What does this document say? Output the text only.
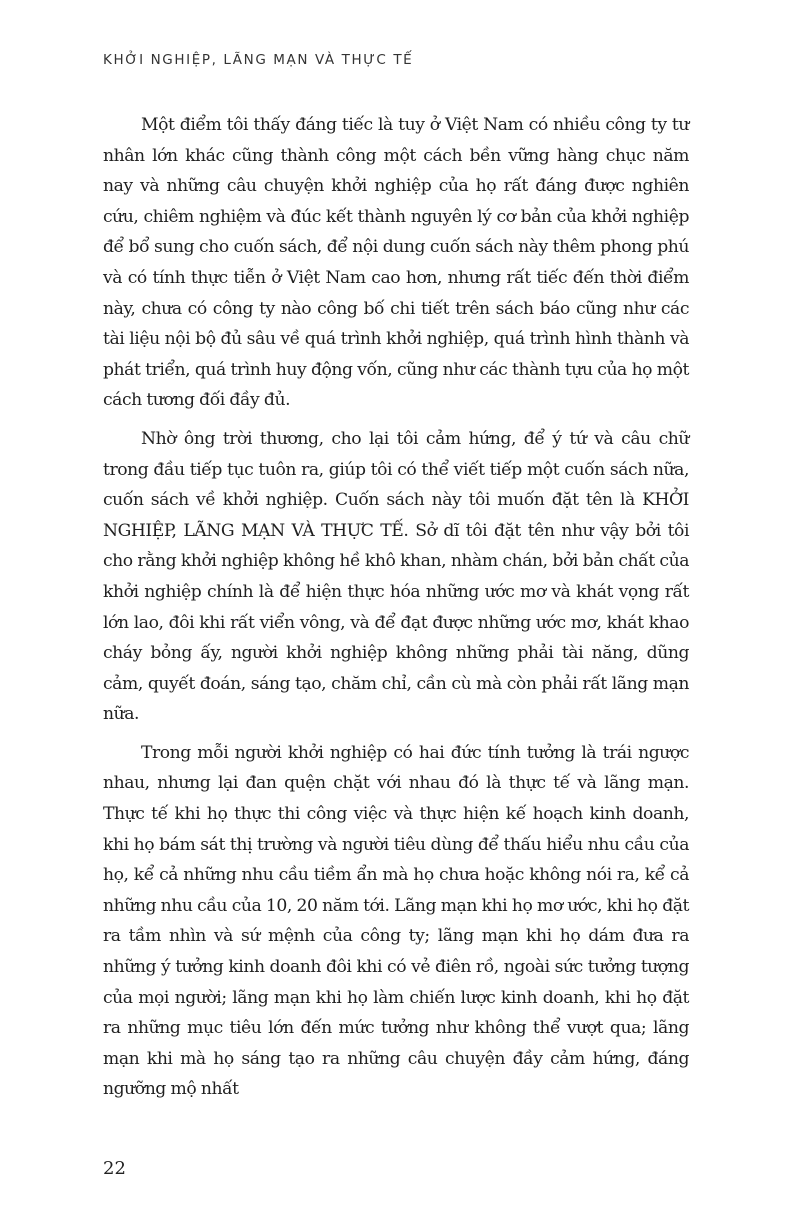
KHỞI NGHIỆP, LÃNG MẠN VÀ THỰC TẾ

Một điểm tôi thấy đáng tiếc là tuy ở Việt Nam có nhiều công ty tư nhân lớn khác cũng thành công một cách bền vững hàng chục năm nay và những câu chuyện khởi nghiệp của họ rất đáng được nghiên cứu, chiêm nghiệm và đúc kết thành nguyên lý cơ bản của khởi nghiệp để bổ sung cho cuốn sách, để nội dung cuốn sách này thêm phong phú và có tính thực tiễn ở Việt Nam cao hơn, nhưng rất tiếc đến thời điểm này, chưa có công ty nào công bố chi tiết trên sách báo cũng như các tài liệu nội bộ đủ sâu về quá trình khởi nghiệp, quá trình hình thành và phát triển, quá trình huy động vốn, cũng như các thành tựu của họ một cách tương đối đầy đủ.

Nhờ ông trời thương, cho lại tôi cảm hứng, để ý tứ và câu chữ trong đầu tiếp tục tuôn ra, giúp tôi có thể viết tiếp một cuốn sách nữa, cuốn sách về khởi nghiệp. Cuốn sách này tôi muốn đặt tên là KHỞI NGHIỆP, LÃNG MẠN VÀ THỰC TẾ. Sở dĩ tôi đặt tên như vậy bởi tôi cho rằng khởi nghiệp không hề khô khan, nhàm chán, bởi bản chất của khởi nghiệp chính là để hiện thực hóa những ước mơ và khát vọng rất lớn lao, đôi khi rất viển vông, và để đạt được những ước mơ, khát khao cháy bỏng ấy, người khởi nghiệp không những phải tài năng, dũng cảm, quyết đoán, sáng tạo, chăm chỉ, cần cù mà còn phải rất lãng mạn nữa.

Trong mỗi người khởi nghiệp có hai đức tính tưởng là trái ngược nhau, nhưng lại đan quện chặt với nhau đó là thực tế và lãng mạn. Thực tế khi họ thực thi công việc và thực hiện kế hoạch kinh doanh, khi họ bám sát thị trường và người tiêu dùng để thấu hiểu nhu cầu của họ, kể cả những nhu cầu tiềm ẩn mà họ chưa hoặc không nói ra, kể cả những nhu cầu của 10, 20 năm tới. Lãng mạn khi họ mơ ước, khi họ đặt ra tầm nhìn và sứ mệnh của công ty; lãng mạn khi họ dám đưa ra những ý tưởng kinh doanh đôi khi có vẻ điên rồ, ngoài sức tưởng tượng của mọi người; lãng mạn khi họ làm chiến lược kinh doanh, khi họ đặt ra những mục tiêu lớn đến mức tưởng như không thể vượt qua; lãng mạn khi mà họ sáng tạo ra những câu chuyện đầy cảm hứng, đáng ngưỡng mộ nhất

22
